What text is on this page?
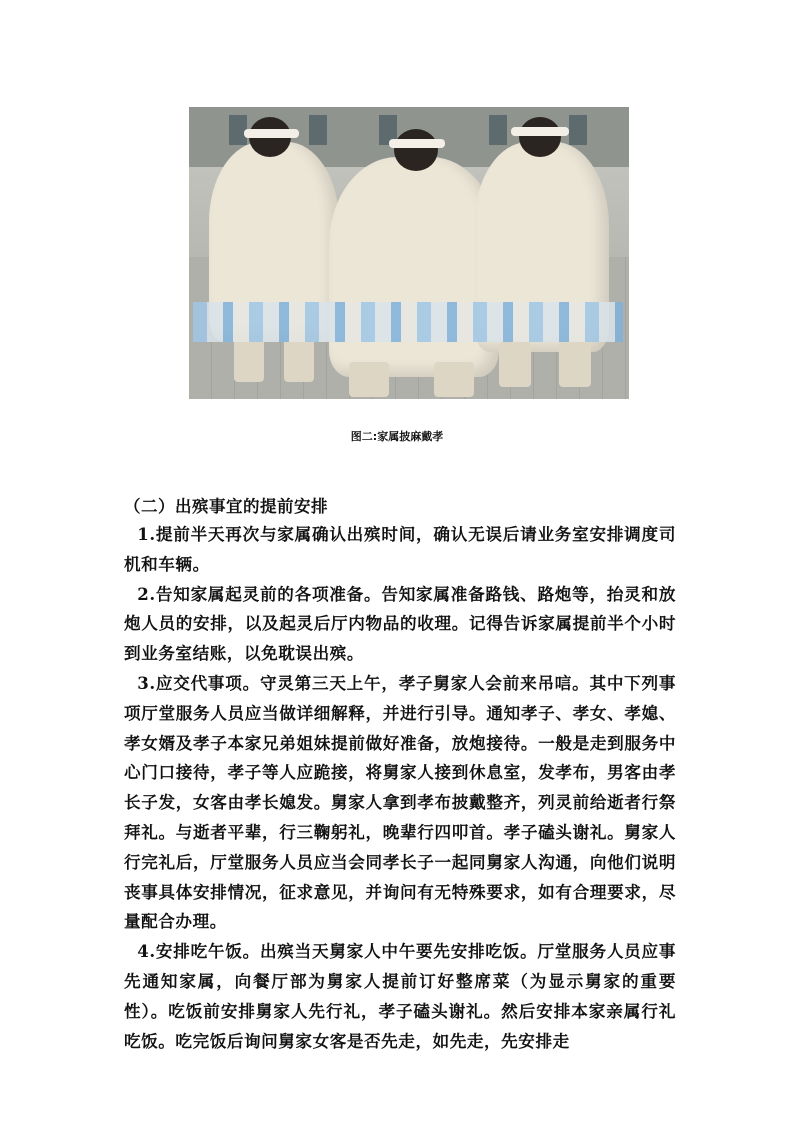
图二:家属披麻戴孝
（二）出殡事宜的提前安排

1.提前半天再次与家属确认出殡时间，确认无误后请业务室安排调度司机和车辆。

2.告知家属起灵前的各项准备。告知家属准备路钱、路炮等，抬灵和放炮人员的安排，以及起灵后厅内物品的收理。记得告诉家属提前半个小时到业务室结账，以免耽误出殡。

3.应交代事项。守灵第三天上午，孝子舅家人会前来吊唁。其中下列事项厅堂服务人员应当做详细解释，并进行引导。通知孝子、孝女、孝媳、孝女婿及孝子本家兄弟姐妹提前做好准备，放炮接待。一般是走到服务中心门口接待，孝子等人应跪接，将舅家人接到休息室，发孝布，男客由孝长子发，女客由孝长媳发。舅家人拿到孝布披戴整齐，列灵前给逝者行祭拜礼。与逝者平辈，行三鞠躬礼，晚辈行四叩首。孝子磕头谢礼。舅家人行完礼后，厅堂服务人员应当会同孝长子一起同舅家人沟通，向他们说明丧事具体安排情况，征求意见，并询问有无特殊要求，如有合理要求，尽量配合办理。

4.安排吃午饭。出殡当天舅家人中午要先安排吃饭。厅堂服务人员应事先通知家属，向餐厅部为舅家人提前订好整席菜（为显示舅家的重要性）。吃饭前安排舅家人先行礼，孝子磕头谢礼。然后安排本家亲属行礼吃饭。吃完饭后询问舅家女客是否先走，如先走，先安排走
